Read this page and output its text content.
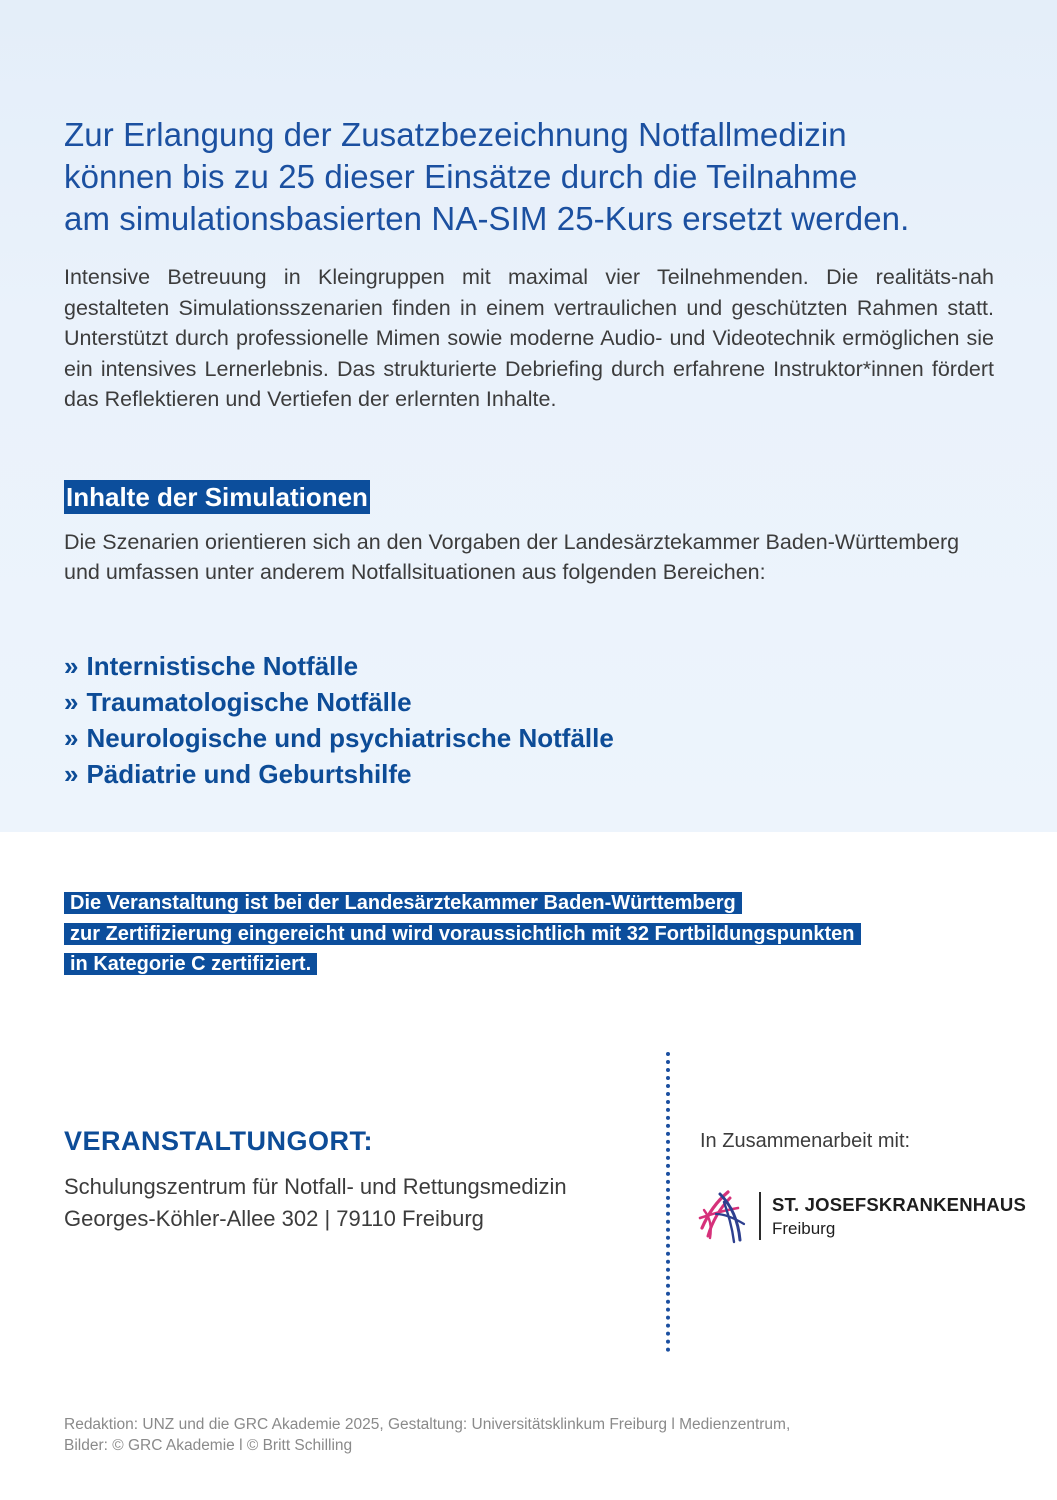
Zur Erlangung der Zusatzbezeichnung Notfallmedizin
können bis zu 25 dieser Einsätze durch die Teilnahme
am simulationsbasierten NA-SIM 25-Kurs ersetzt werden.

Intensive Betreuung in Kleingruppen mit maximal vier Teilnehmenden. Die realitäts-nah gestalteten Simulationsszenarien finden in einem vertraulichen und geschützten Rahmen statt. Unterstützt durch professionelle Mimen sowie moderne Audio- und Videotechnik ermöglichen sie ein intensives Lernerlebnis. Das strukturierte Debriefing durch erfahrene Instruktor*innen fördert das Reflektieren und Vertiefen der erlernten Inhalte.

Inhalte der Simulationen

Die Szenarien orientieren sich an den Vorgaben der Landesärztekammer Baden-Württemberg und umfassen unter anderem Notfallsituationen aus folgenden Bereichen:

» Internistische Notfälle
» Traumatologische Notfälle
» Neurologische und psychiatrische Notfälle
» Pädiatrie und Geburtshilfe

Die Veranstaltung ist bei der Landesärztekammer Baden-Württemberg
zur Zertifizierung eingereicht und wird voraussichtlich mit 32 Fortbildungspunkten
in Kategorie C zertifiziert.

VERANSTALTUNGORT:

Schulungszentrum für Notfall- und Rettungsmedizin

Georges-Köhler-Allee 302 | 79110 Freiburg

In Zusammenarbeit mit:

ST. JOSEFSKRANKENHAUS

Freiburg

Redaktion: UNZ und die GRC Akademie 2025, Gestaltung: Universitätsklinkum Freiburg l Medienzentrum,
Bilder: © GRC Akademie l © Britt Schilling
